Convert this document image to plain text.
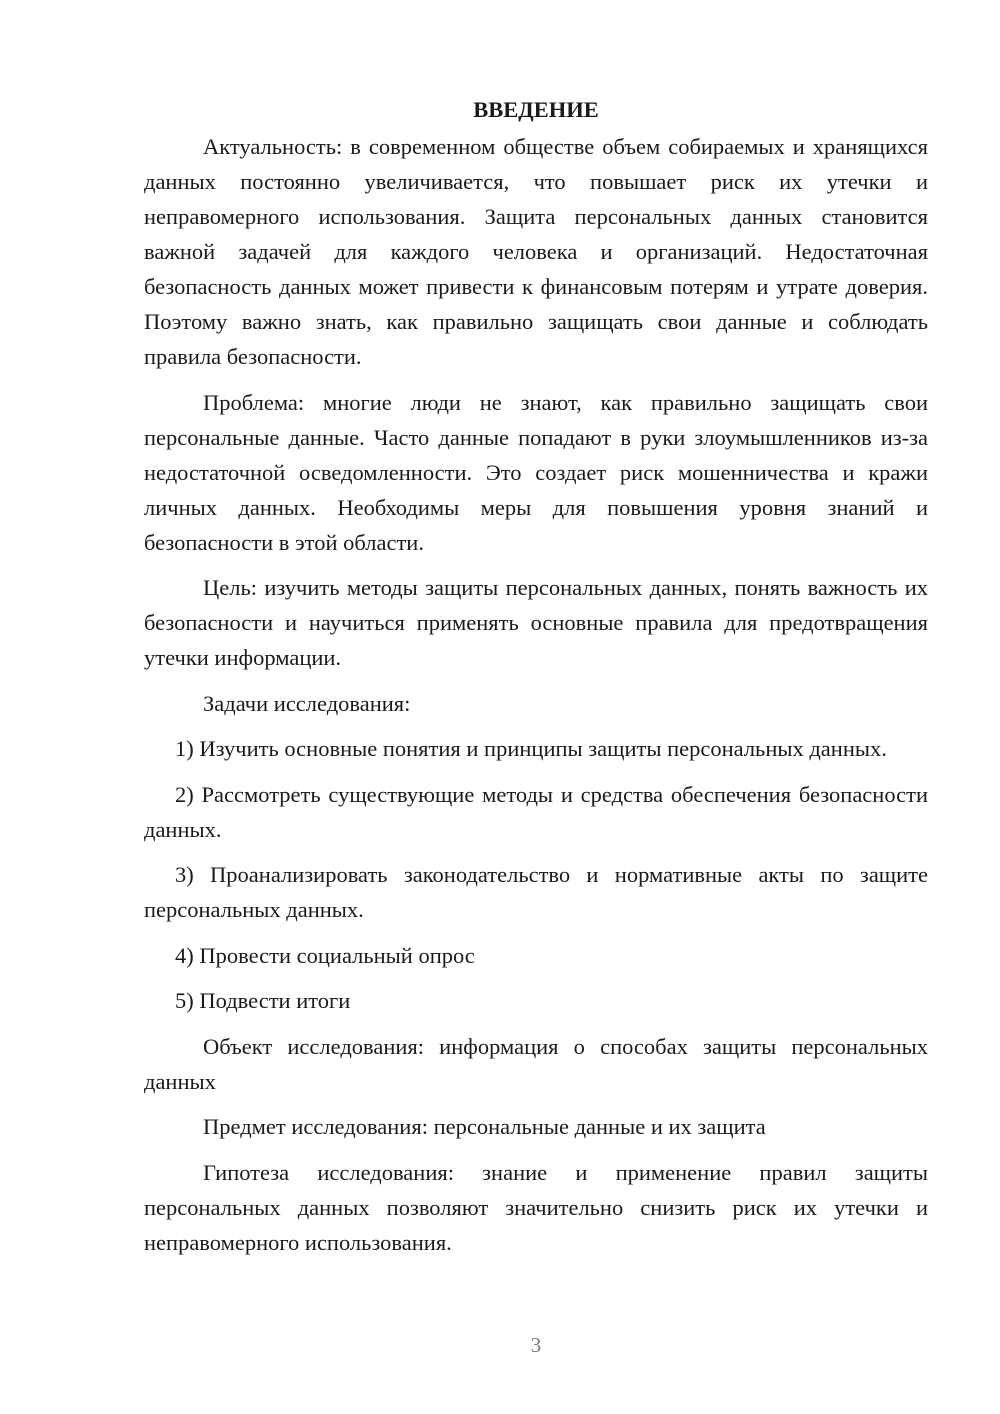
ВВЕДЕНИЕ

Актуальность: в современном обществе объем собираемых и хранящихся данных постоянно увеличивается, что повышает риск их утечки и неправомерного использования. Защита персональных данных становится важной задачей для каждого человека и организаций. Недостаточная безопасность данных может привести к финансовым потерям и утрате доверия. Поэтому важно знать, как правильно защищать свои данные и соблюдать правила безопасности.

Проблема: многие люди не знают, как правильно защищать свои персональные данные. Часто данные попадают в руки злоумышленников из-за недостаточной осведомленности. Это создает риск мошенничества и кражи личных данных. Необходимы меры для повышения уровня знаний и безопасности в этой области.

Цель: изучить методы защиты персональных данных, понять важность их безопасности и научиться применять основные правила для предотвращения утечки информации.

Задачи исследования:

1) Изучить основные понятия и принципы защиты персональных данных.

2) Рассмотреть существующие методы и средства обеспечения безопасности данных.

3) Проанализировать законодательство и нормативные акты по защите персональных данных.

4) Провести социальный опрос

5) Подвести итоги

Объект исследования: информация о способах защиты персональных данных

Предмет исследования: персональные данные и их защита

Гипотеза исследования: знание и применение правил защиты персональных данных позволяют значительно снизить риск их утечки и неправомерного использования.

3
